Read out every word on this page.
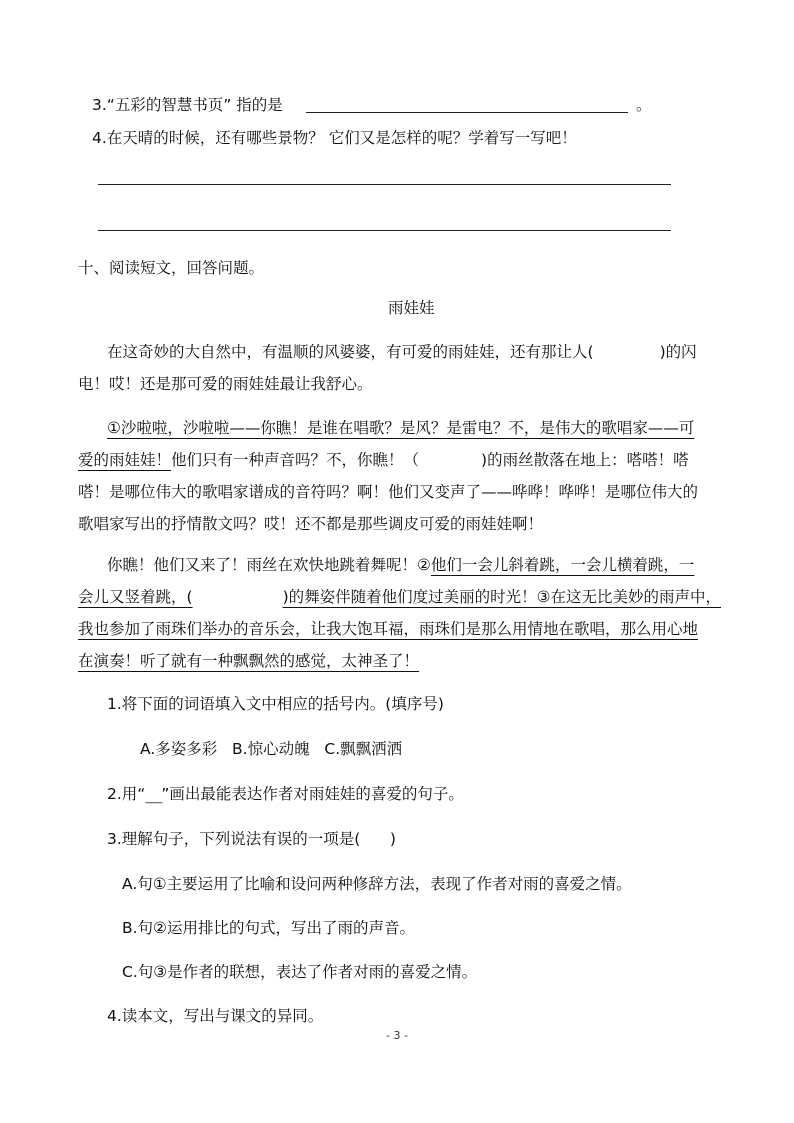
3.“五彩的智慧书页” 指的是	。
4.在天晴的时候，还有哪些景物？ 它们又是怎样的呢？学着写一写吧！
十、阅读短文，回答问题。
雨娃娃
在这奇妙的大自然中，有温顺的风婆婆，有可爱的雨娃娃，还有那让人(	)的闪
电！哎！还是那可爱的雨娃娃最让我舒心。
①沙啦啦，沙啦啦——你瞧！是谁在唱歌？是风？是雷电？不，是伟大的歌唱家——可
爱的雨娃娃！他们只有一种声音吗？不，你瞧！（	)的雨丝散落在地上：嗒嗒！嗒
嗒！是哪位伟大的歌唱家谱成的音符吗？啊！他们又变声了——哗哗！哗哗！是哪位伟大的
歌唱家写出的抒情散文吗？哎！还不都是那些调皮可爱的雨娃娃啊！
你瞧！他们又来了！雨丝在欢快地跳着舞呢！②他们一会儿斜着跳，一会儿横着跳，一
会儿又竖着跳，(	)的舞姿伴随着他们度过美丽的时光！③在这无比美妙的雨声中，
我也参加了雨珠们举办的音乐会，让我大饱耳福，雨珠们是那么用情地在歌唱，那么用心地
在演奏！听了就有一种飘飘然的感觉，太神圣了！
1.将下面的词语填入文中相应的括号内。(填序号)
A.多姿多彩   B.惊心动魄   C.飘飘洒洒
2.用“____”画出最能表达作者对雨娃娃的喜爱的句子。
3.理解句子，下列说法有误的一项是(      )
A.句①主要运用了比喻和设问两种修辞方法，表现了作者对雨的喜爱之情。
B.句②运用排比的句式，写出了雨的声音。
C.句③是作者的联想，表达了作者对雨的喜爱之情。
4.读本文，写出与课文的异同。
- 3 -
